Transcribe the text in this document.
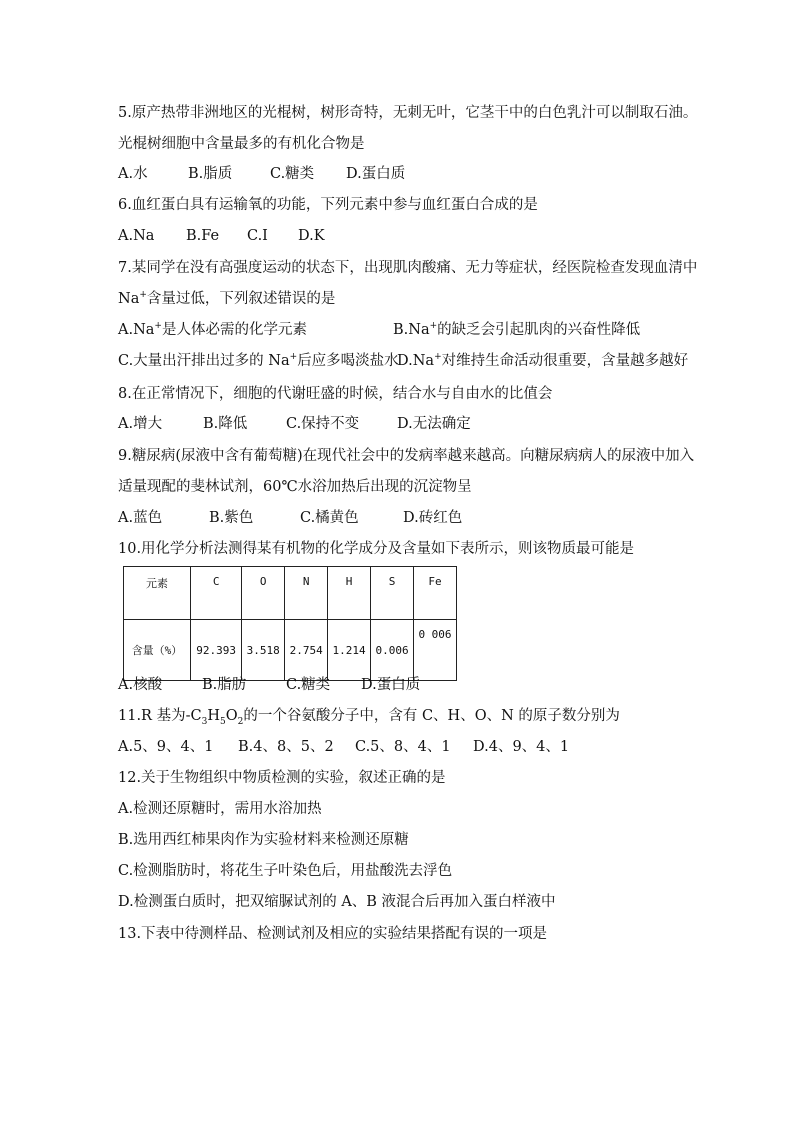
5.原产热带非洲地区的光棍树，树形奇特，无刺无叶，它茎干中的白色乳汁可以制取石油。
光棍树细胞中含量最多的有机化合物是
A.水	B.脂质	C.糖类 D.蛋白质
6.血红蛋白具有运输氧的功能，下列元素中参与血红蛋白合成的是
A.Na B.Fe C.I D.K
7.某同学在没有高强度运动的状态下，出现肌肉酸痛、无力等症状，经医院检查发现血清中
Na+含量过低，下列叙述错误的是
A.Na+是人体必需的化学元素	B.Na+的缺乏会引起肌肉的兴奋性降低
C.大量出汗排出过多的 Na+后应多喝淡盐水
D.Na+对维持生命活动很重要，含量越多越好
8.在正常情况下，细胞的代谢旺盛的时候，结合水与自由水的比值会
A.增大	B.降低	C.保持不变	D.无法确定
9.糖尿病(尿液中含有葡萄糖)在现代社会中的发病率越来越高。向糖尿病病人的尿液中加入
适量现配的斐林试剂，60℃水浴加热后出现的沉淀物呈
A.蓝色	B.紫色	C.橘黄色	D.砖红色
10.用化学分析法测得某有机物的化学成分及含量如下表所示，则该物质最可能是
元素	C	O	N	H	S	Fe
含量（%）	92.393	3.518	2.754	1.214	0.006	0 006
A.核酸	B.脂肪	C.糖类 D.蛋白质
11.R 基为$-C_3H_5O_2$的一个谷氨酸分子中，含有 C、H、O、N 的原子数分别为
A.5、9、4、1 B.4、8、5、2 C.5、8、4、1 D.4、9、4、1
12.关于生物组织中物质检测的实验，叙述正确的是
A.检测还原糖时，需用水浴加热
B.选用西红柿果肉作为实验材料来检测还原糖
C.检测脂肪时，将花生子叶染色后，用盐酸洗去浮色
D.检测蛋白质时，把双缩脲试剂的 A、B 液混合后再加入蛋白样液中
13.下表中待测样品、检测试剂及相应的实验结果搭配有误的一项是
